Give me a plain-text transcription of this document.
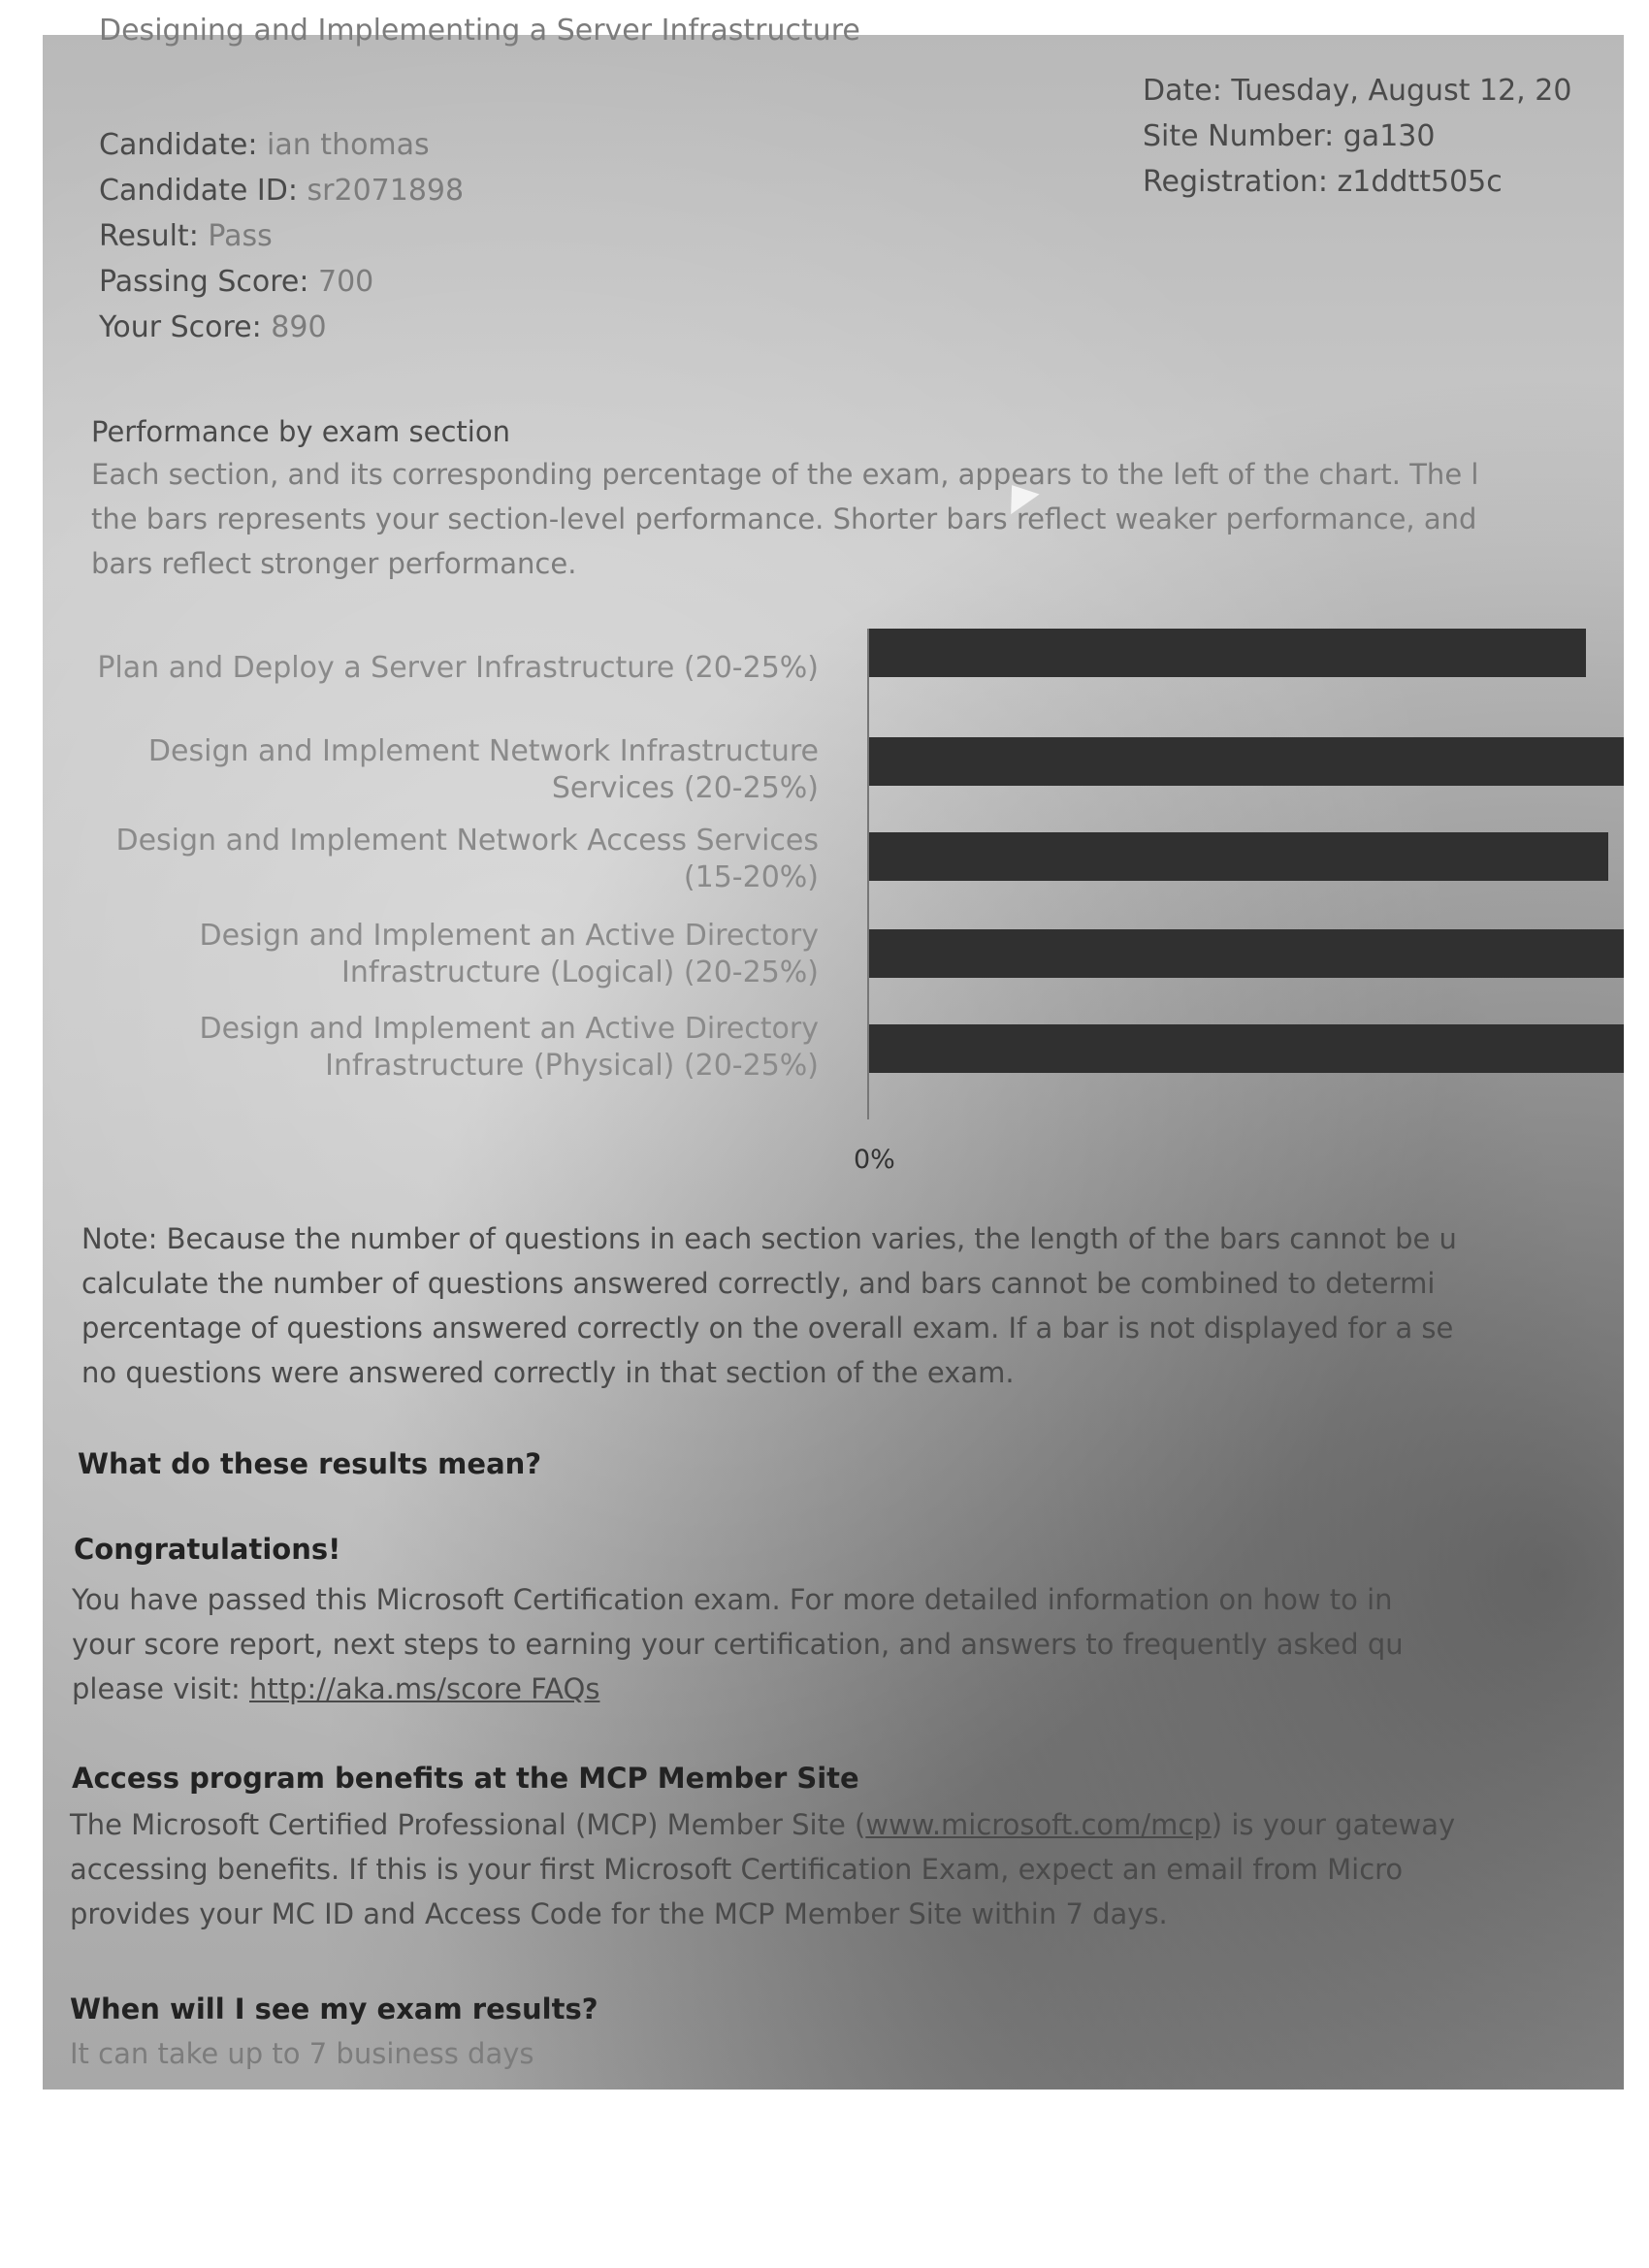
Designing and Implementing a Server Infrastructure
Candidate: ian thomas
Candidate ID: sr2071898
Result: Pass
Passing Score: 700
Your Score: 890
Date: Tuesday, August 12, 20
Site Number: ga130
Registration: z1ddtt505c
Performance by exam section
Each section, and its corresponding percentage of the exam, appears to the left of the chart. The l
the bars represents your section-level performance. Shorter bars reflect weaker performance, and
bars reflect stronger performance.
Plan and Deploy a Server Infrastructure (20-25%)
Design and Implement Network Infrastructure Services (20-25%)
Design and Implement Network Access Services (15-20%)
Design and Implement an Active Directory Infrastructure (Logical) (20-25%)
Design and Implement an Active Directory Infrastructure (Physical) (20-25%)
0%
Note: Because the number of questions in each section varies, the length of the bars cannot be u
calculate the number of questions answered correctly, and bars cannot be combined to determi
percentage of questions answered correctly on the overall exam. If a bar is not displayed for a se
no questions were answered correctly in that section of the exam.
What do these results mean?
Congratulations!
You have passed this Microsoft Certification exam. For more detailed information on how to in
your score report, next steps to earning your certification, and answers to frequently asked qu
please visit: http://aka.ms/score FAQs
Access program benefits at the MCP Member Site
The Microsoft Certified Professional (MCP) Member Site (www.microsoft.com/mcp) is your gateway
accessing benefits. If this is your first Microsoft Certification Exam, expect an email from Micro
provides your MC ID and Access Code for the MCP Member Site within 7 days.
When will I see my exam results?
It can take up to 7 business days
